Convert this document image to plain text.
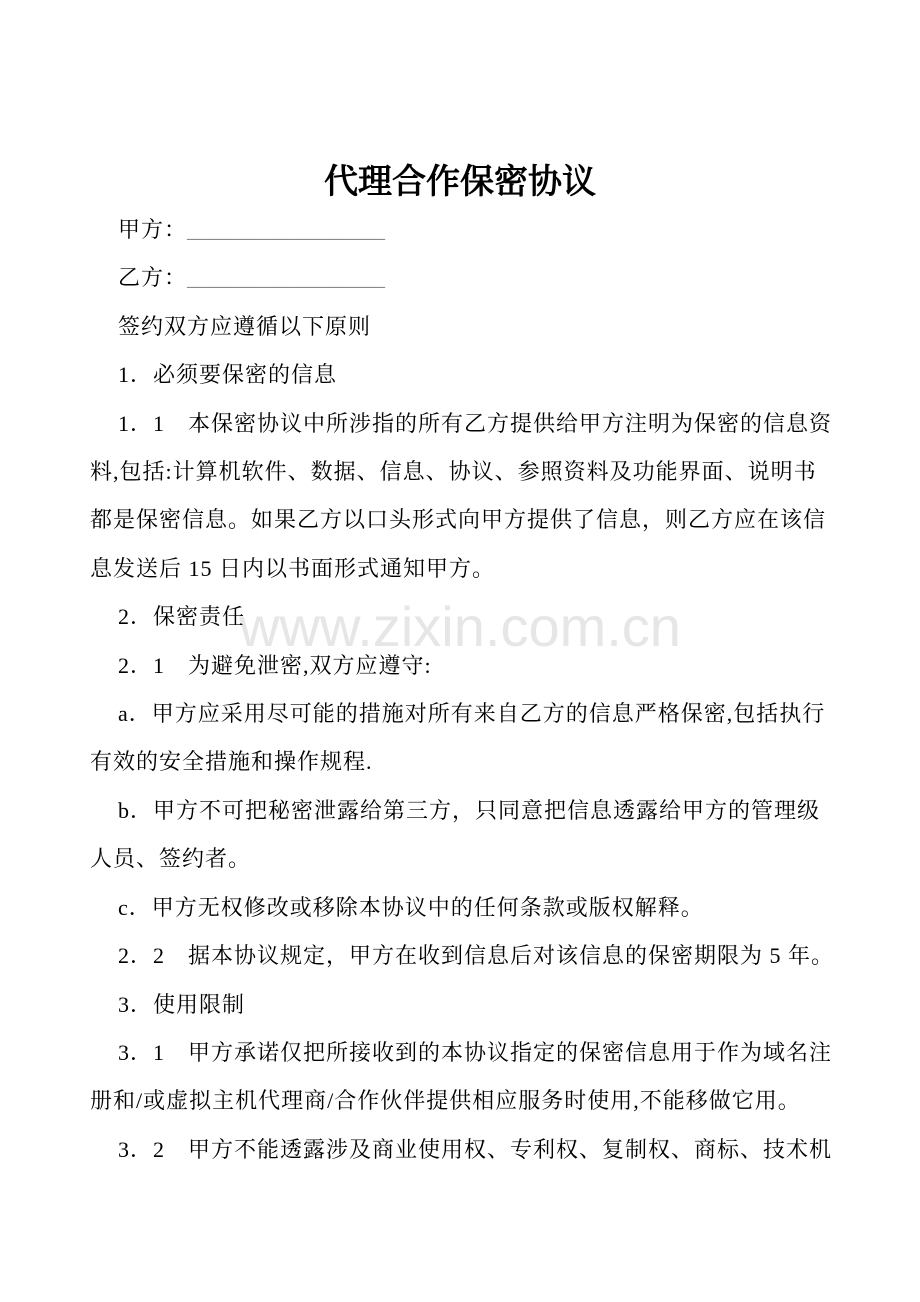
www.zixin.com.cn
代理合作保密协议
甲方：__________________
乙方：__________________
签约双方应遵循以下原则
1．必须要保密的信息
1．1　本保密协议中所涉指的所有乙方提供给甲方注明为保密的信息资
料,包括:计算机软件、数据、信息、协议、参照资料及功能界面、说明书
都是保密信息。如果乙方以口头形式向甲方提供了信息，则乙方应在该信
息发送后 15 日内以书面形式通知甲方。
2．保密责任
2．1　为避免泄密,双方应遵守:
a．甲方应采用尽可能的措施对所有来自乙方的信息严格保密,包括执行
有效的安全措施和操作规程.
b．甲方不可把秘密泄露给第三方，只同意把信息透露给甲方的管理级
人员、签约者。
c．甲方无权修改或移除本协议中的任何条款或版权解释。
2．2　据本协议规定，甲方在收到信息后对该信息的保密期限为 5 年。
3．使用限制
3．1　甲方承诺仅把所接收到的本协议指定的保密信息用于作为域名注
册和/或虚拟主机代理商/合作伙伴提供相应服务时使用,不能移做它用。
3．2　甲方不能透露涉及商业使用权、专利权、复制权、商标、技术机
